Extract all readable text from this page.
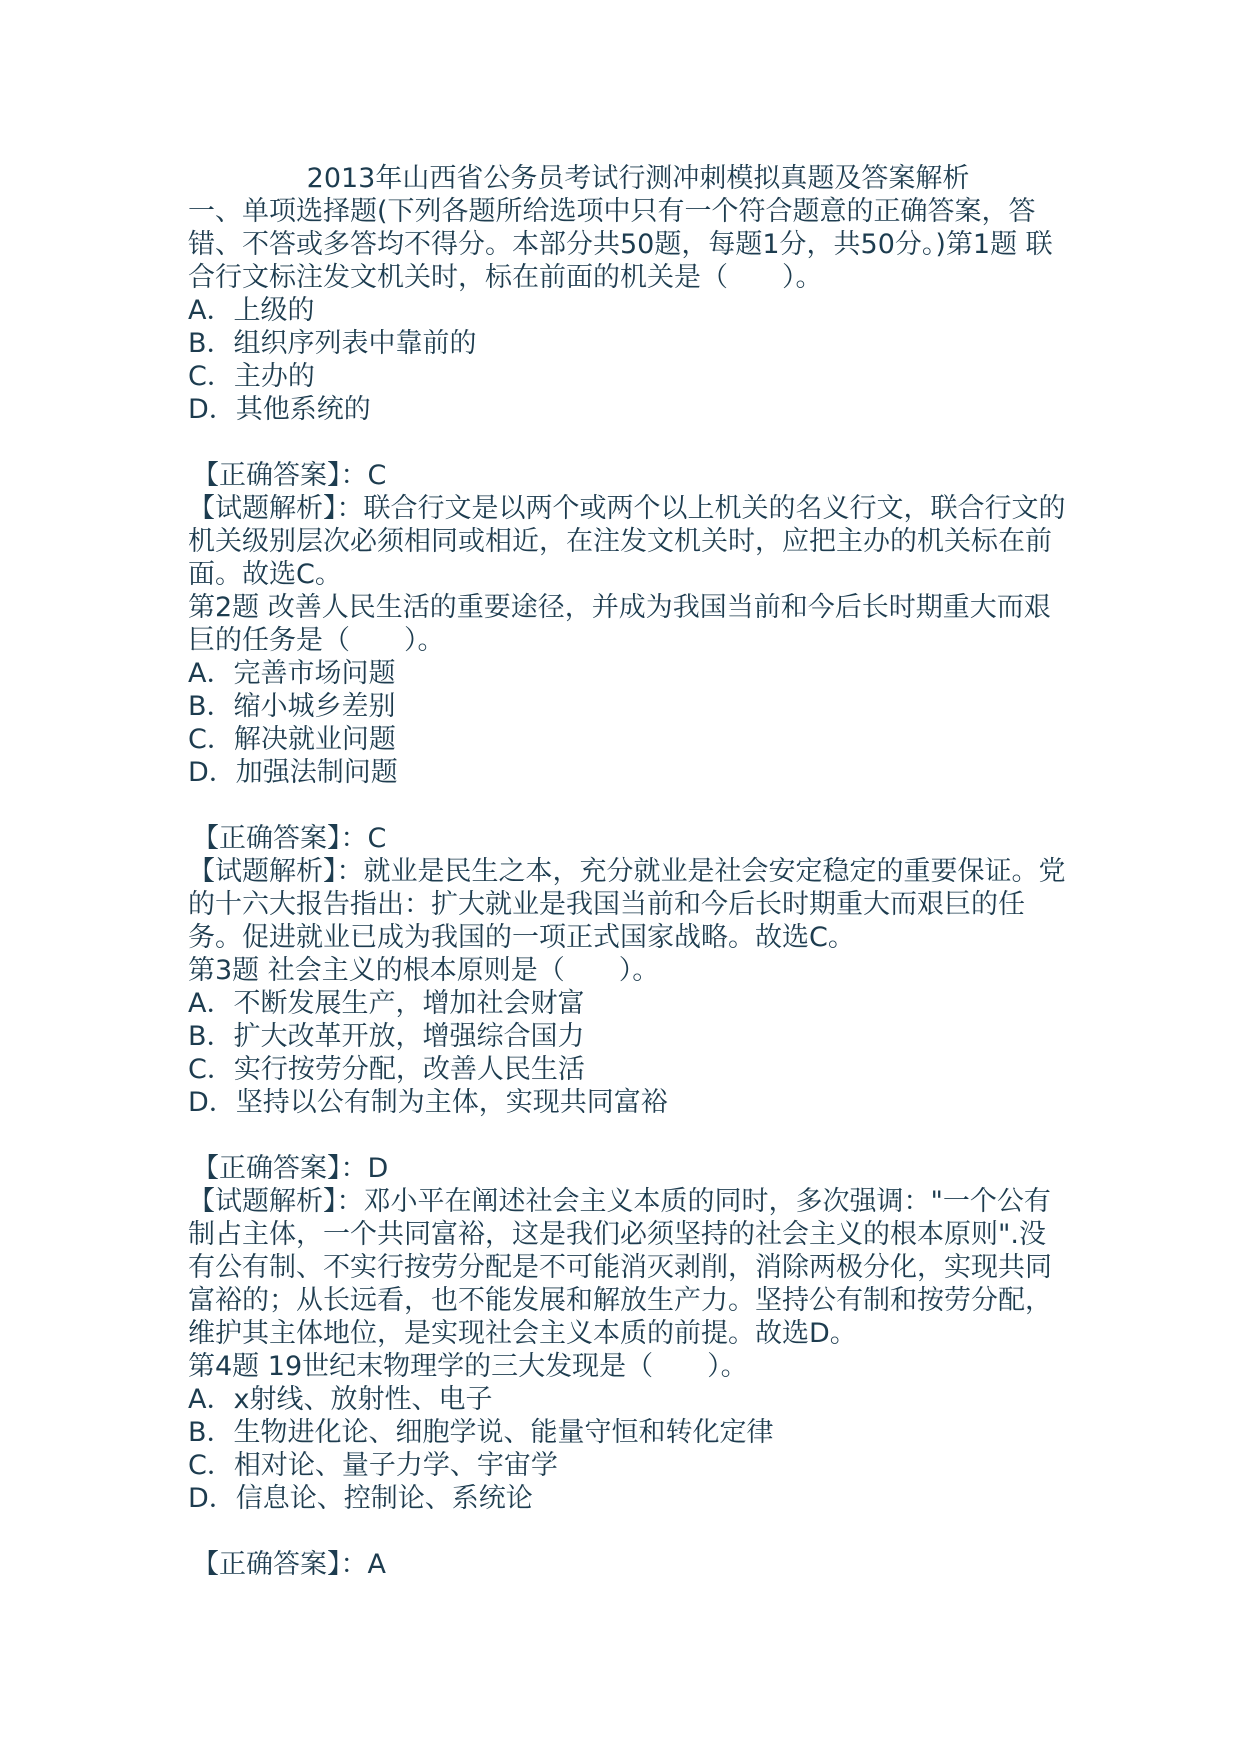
2013年山西省公务员考试行测冲刺模拟真题及答案解析

一、单项选择题(下列各题所给选项中只有一个符合题意的正确答案，答错、不答或多答均不得分。本部分共50题，每题1分，共50分。)第1题 联合行文标注发文机关时，标在前面的机关是（　　）。

A．上级的

B．组织序列表中靠前的

C．主办的

D．其他系统的

【正确答案】：C

【试题解析】：联合行文是以两个或两个以上机关的名义行文，联合行文的机关级别层次必须相同或相近，在注发文机关时，应把主办的机关标在前面。故选C。

第2题 改善人民生活的重要途径，并成为我国当前和今后长时期重大而艰巨的任务是（　　）。

A．完善市场问题

B．缩小城乡差别

C．解决就业问题

D．加强法制问题

【正确答案】：C

【试题解析】：就业是民生之本，充分就业是社会安定稳定的重要保证。党的十六大报告指出：扩大就业是我国当前和今后长时期重大而艰巨的任务。促进就业已成为我国的一项正式国家战略。故选C。

第3题 社会主义的根本原则是（　　）。

A．不断发展生产，增加社会财富

B．扩大改革开放，增强综合国力

C．实行按劳分配，改善人民生活

D．坚持以公有制为主体，实现共同富裕

【正确答案】：D

【试题解析】：邓小平在阐述社会主义本质的同时，多次强调："一个公有制占主体，一个共同富裕，这是我们必须坚持的社会主义的根本原则".没有公有制、不实行按劳分配是不可能消灭剥削，消除两极分化，实现共同富裕的；从长远看，也不能发展和解放生产力。坚持公有制和按劳分配，维护其主体地位，是实现社会主义本质的前提。故选D。

第4题 19世纪末物理学的三大发现是（　　）。

A．x射线、放射性、电子

B．生物进化论、细胞学说、能量守恒和转化定律

C．相对论、量子力学、宇宙学

D．信息论、控制论、系统论

【正确答案】：A
